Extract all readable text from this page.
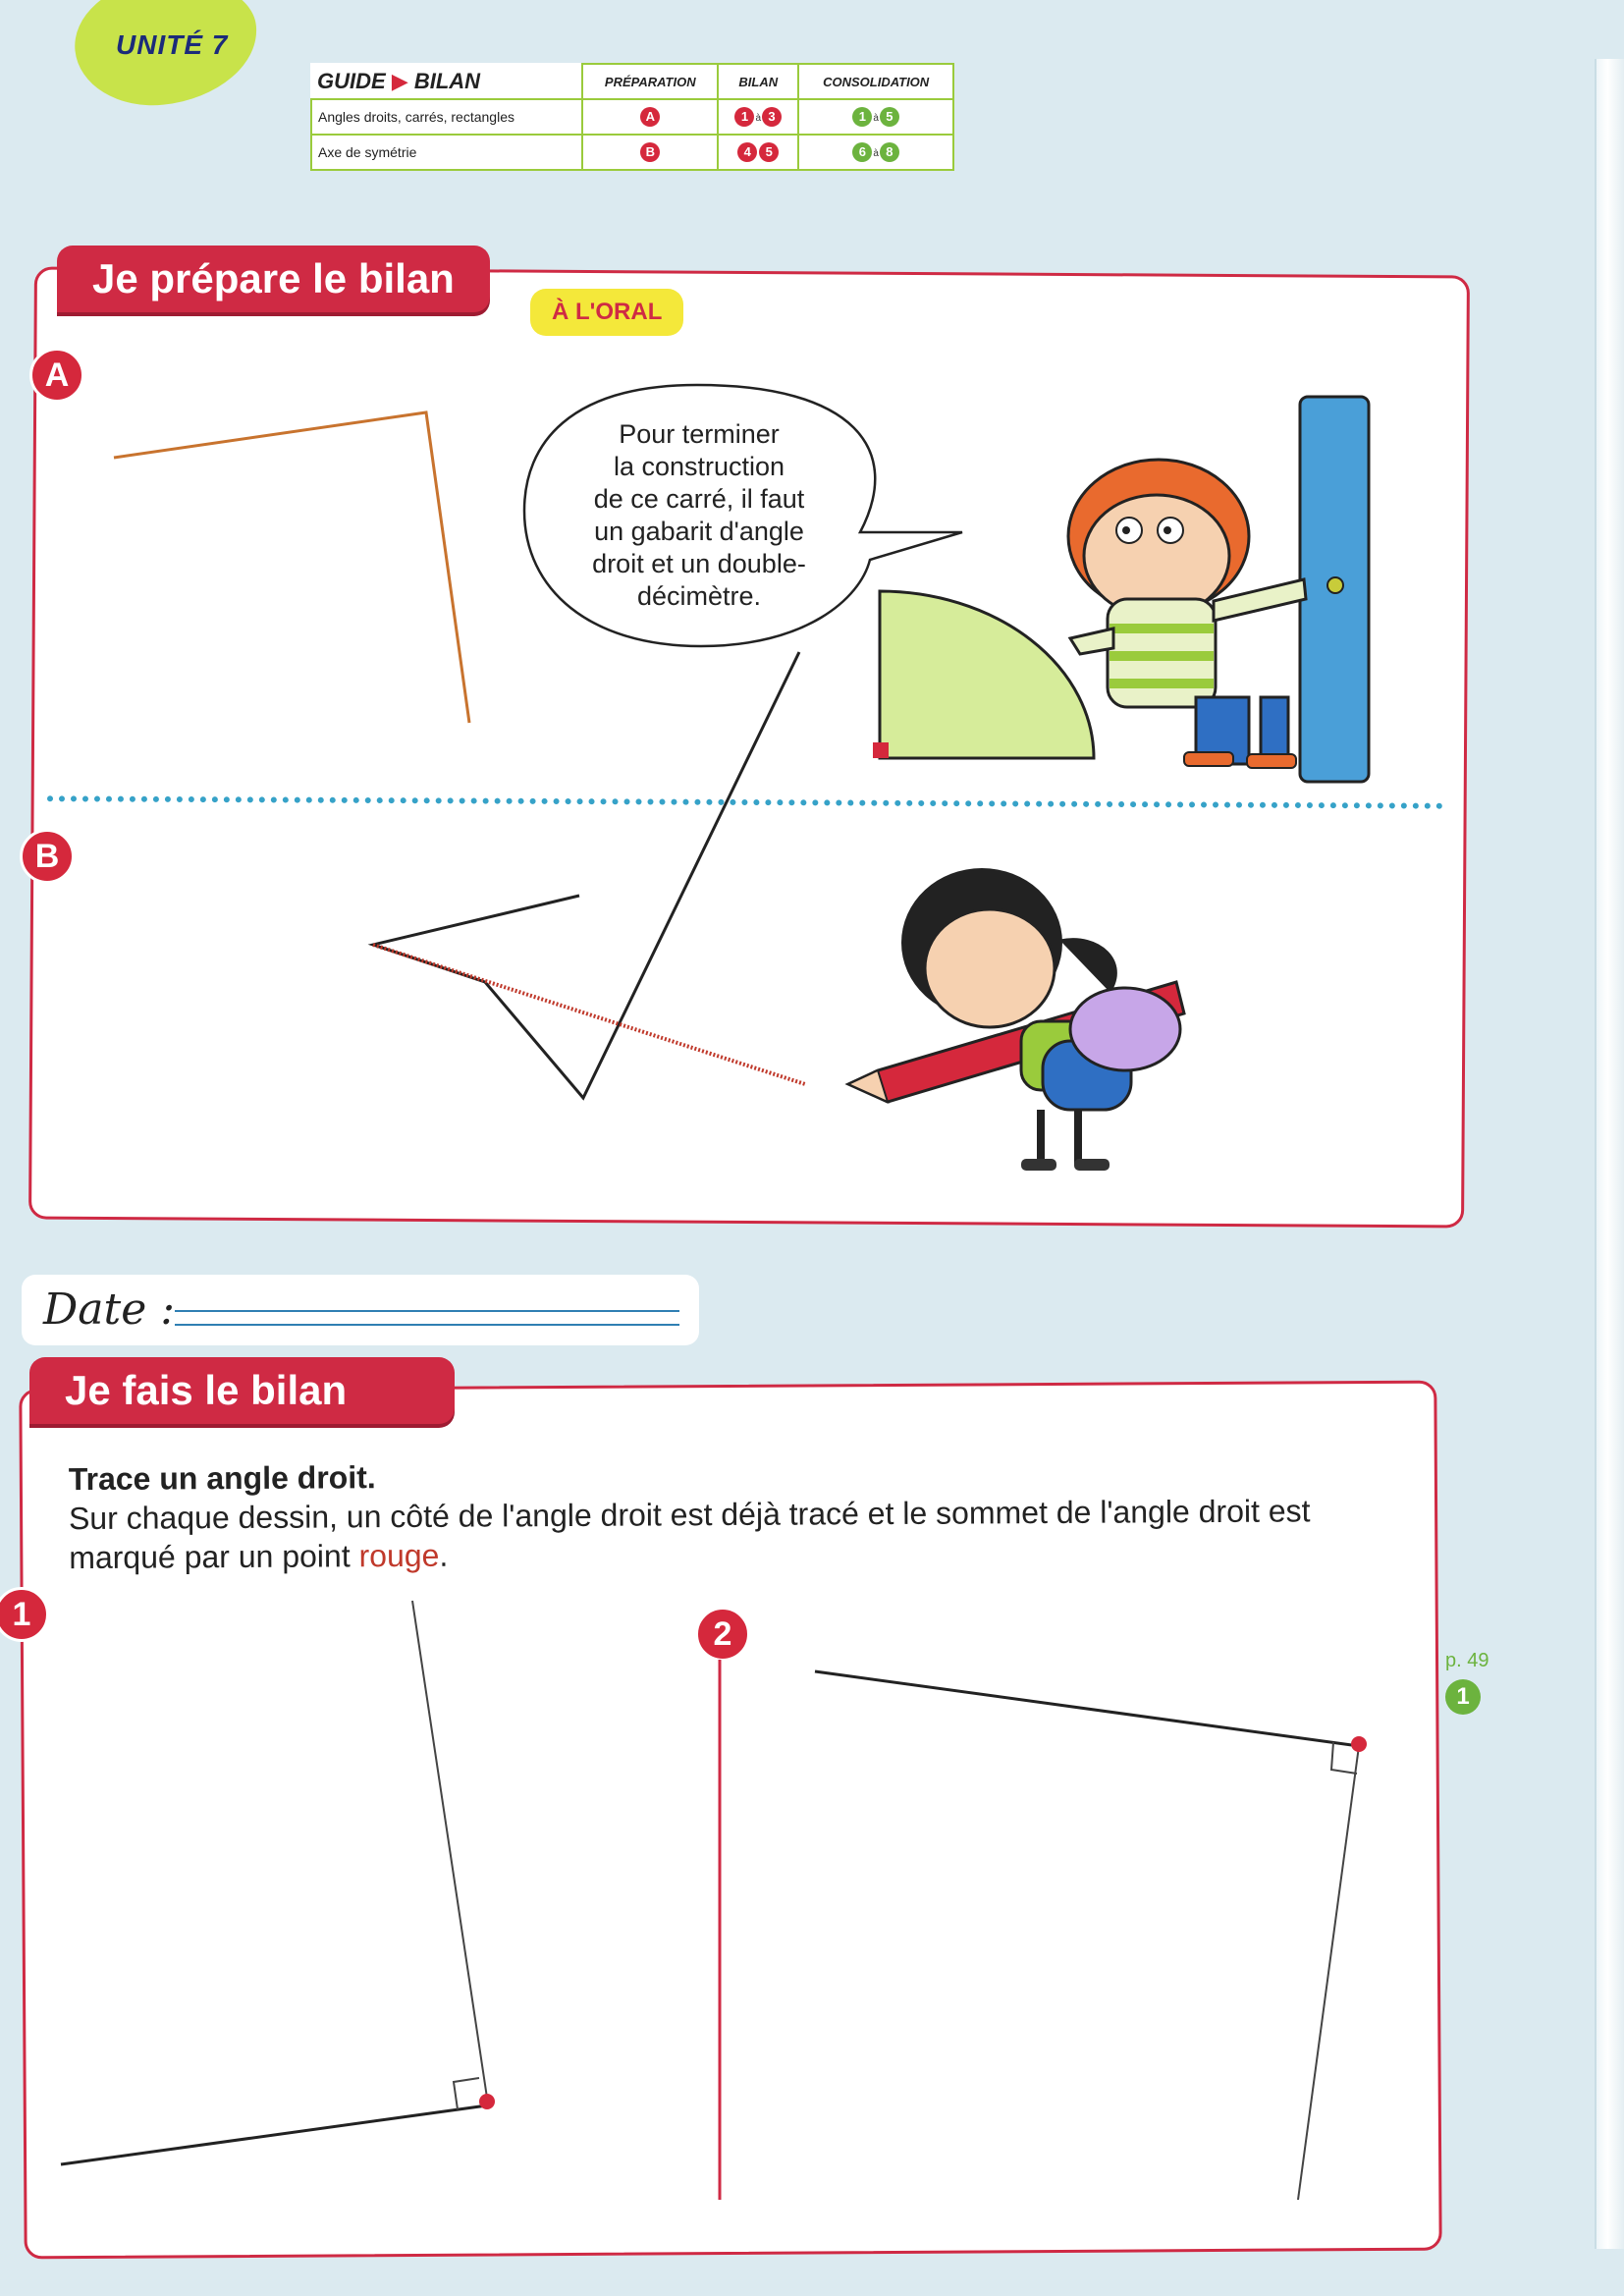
UNITÉ 7
GUIDE ▶ BILAN	PRÉPARATION	BILAN	CONSOLIDATION
Angles droits, carrés, rectangles	A	1 à 3	1 à 5
Axe de symétrie	B	4 5	6 à 8
Je prépare le bilan
À L'ORAL
A
B
Date :
Je fais le bilan
Trace un angle droit.
Sur chaque dessin, un côté de l'angle droit est déjà tracé et le sommet de l'angle droit est marqué par un point rouge.
1
2
p. 49
1
Pour terminer
la construction
de ce carré, il faut
un gabarit d'angle
droit et un double-
décimètre.
